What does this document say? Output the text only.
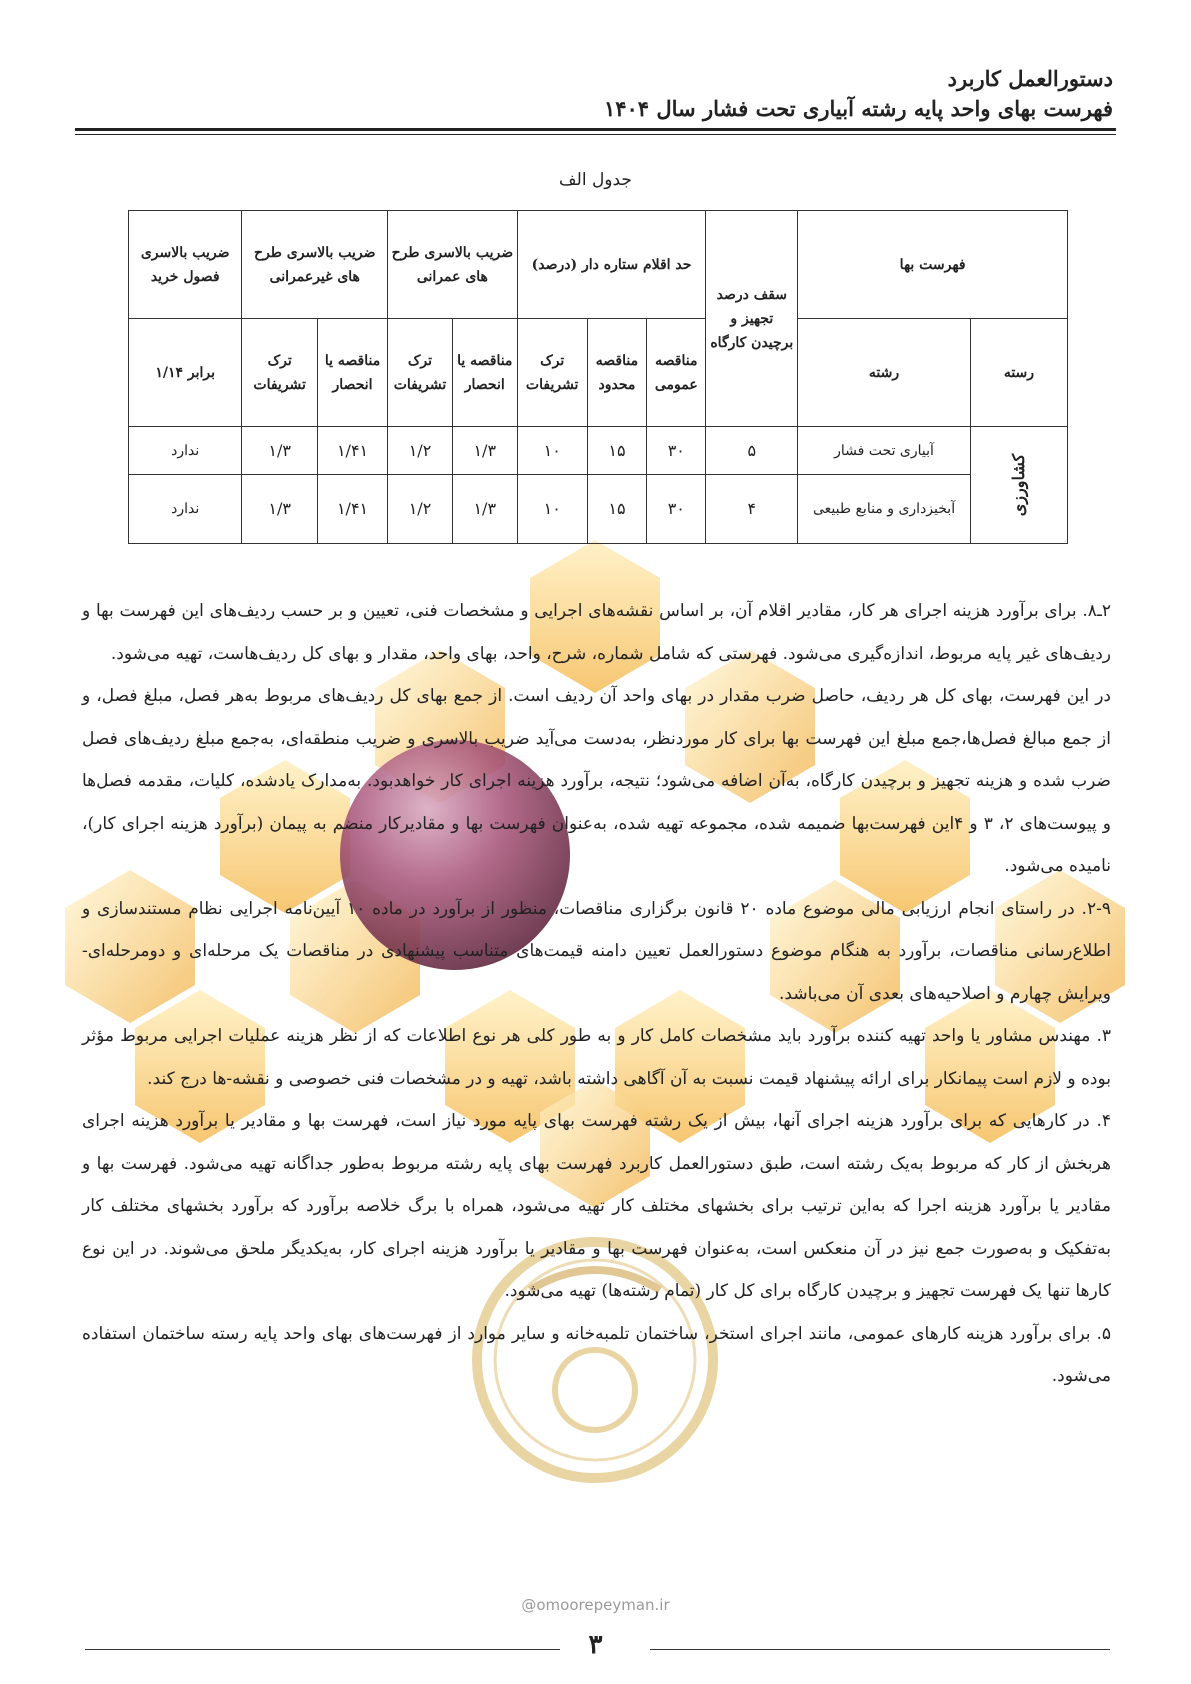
دستورالعمل کاربرد
فهرست بهای واحد پایه رشته آبیاری تحت فشار سال ۱۴۰۴
جدول الف
فهرست بها		سقف درصد تجهیز و برچیدن کارگاه	حد اقلام ستاره دار (درصد)			ضریب بالاسری طرح های عمرانی		ضریب بالاسری طرح های غیرعمرانی		ضریب بالاسری فصول خرید
رسته	رشته		مناقصه عمومی	مناقصه محدود	ترک تشریفات	مناقصه یا انحصار	ترک تشریفات	مناقصه یا انحصار	ترک تشریفات	برابر ۱/۱۴
کشاورزی	آبیاری تحت فشار	۵	۳۰	۱۵	۱۰	۱/۳	۱/۲	۱/۴۱	۱/۳	ندارد
	آبخیزداری و منابع طبیعی	۴	۳۰	۱۵	۱۰	۱/۳	۱/۲	۱/۴۱	۱/۳	ندارد

۲ـ۸. برای برآورد هزینه اجرای هر کار، مقادیر اقلام آن، بر اساس نقشه‌های اجرایی و مشخصات فنی، تعیین و بر حسب ردیف‌های این فهرست بها و ردیف‌های غیر پایه مربوط، اندازه‌گیری می‌شود. فهرستی که شامل شماره، شرح، واحد، بهای واحد، مقدار و بهای کل ردیف‌هاست، تهیه می‌شود.

در این فهرست، بهای کل هر ردیف، حاصل ضرب مقدار در بهای واحد آن ردیف است. از جمع بهای کل ردیف‌های مربوط به‌هر فصل، مبلغ فصل، و از جمع مبالغ فصل‌ها،جمع مبلغ این فهرست بها برای کار موردنظر، به‌دست می‌آید ضریب بالاسری و ضریب منطقه‌ای، به‌جمع مبلغ ردیف‌های فصل ضرب شده و هزینه تجهیز و برچیدن کارگاه، به‌آن اضافه می‌شود؛ نتیجه، برآورد هزینه اجرای کار خواهدبود. به‌مدارک یادشده، کلیات، مقدمه فصل‌ها و پیوست‌های ۲، ۳ و ۴این فهرست‌بها ضمیمه شده، مجموعه تهیه شده، به‌عنوان فهرست بها و مقادیرکار منضم به پیمان (برآورد هزینه اجرای کار)، نامیده می‌شود.

۲-۹. در راستای انجام ارزیابی مالی موضوع ماده ۲۰ قانون برگزاری مناقصات، منظور از برآورد در ماده ۱۰ آیین‌نامه اجرایی نظام مستندسازی و اطلاع‌رسانی مناقصات، برآورد به هنگام موضوع دستورالعمل تعیین دامنه قیمت‌های متناسب پیشنهادی در مناقصات یک مرحله‌ای و دومرحله‌ای- ویرایش چهارم و اصلاحیه‌های بعدی آن می‌باشد.

۳. مهندس مشاور یا واحد تهیه کننده برآورد باید مشخصات کامل کار و به طور کلی هر نوع اطلاعات که از نظر هزینه عملیات اجرایی مربوط مؤثر بوده و لازم است پیمانکار برای ارائه پیشنهاد قیمت نسبت به آن آگاهی داشته باشد، تهیه و در مشخصات فنی خصوصی و نقشه-ها درج کند.

۴. در کارهایی که برای برآورد هزینه اجرای آنها، بیش از یک رشته فهرست بهای پایه مورد نیاز است، فهرست بها و مقادیر یا برآورد هزینه اجرای هربخش از کار که مربوط به‌یک رشته است، طبق دستورالعمل کاربرد فهرست بهای پایه رشته مربوط به‌طور جداگانه تهیه می‌شود. فهرست بها و مقادیر یا برآورد هزینه اجرا که به‌این ترتیب برای بخشهای مختلف کار تهیه می‌شود، همراه با برگ خلاصه برآورد که برآورد بخشهای مختلف کار به‌تفکیک و به‌صورت جمع نیز در آن منعکس است، به‌عنوان فهرست بها و مقادیر یا برآورد هزینه اجرای کار، به‌یکدیگر ملحق می‌شوند. در این نوع کارها تنها یک فهرست تجهیز و برچیدن کارگاه برای کل کار (تمام رشته‌ها) تهیه می‌شود.

۵. برای برآورد هزینه کارهای عمومی، مانند اجرای استخر، ساختمان تلمبه‌خانه و سایر موارد از فهرست‌های بهای واحد پایه رسته ساختمان استفاده می‌شود.

@omoorepeyman.ir
۳
